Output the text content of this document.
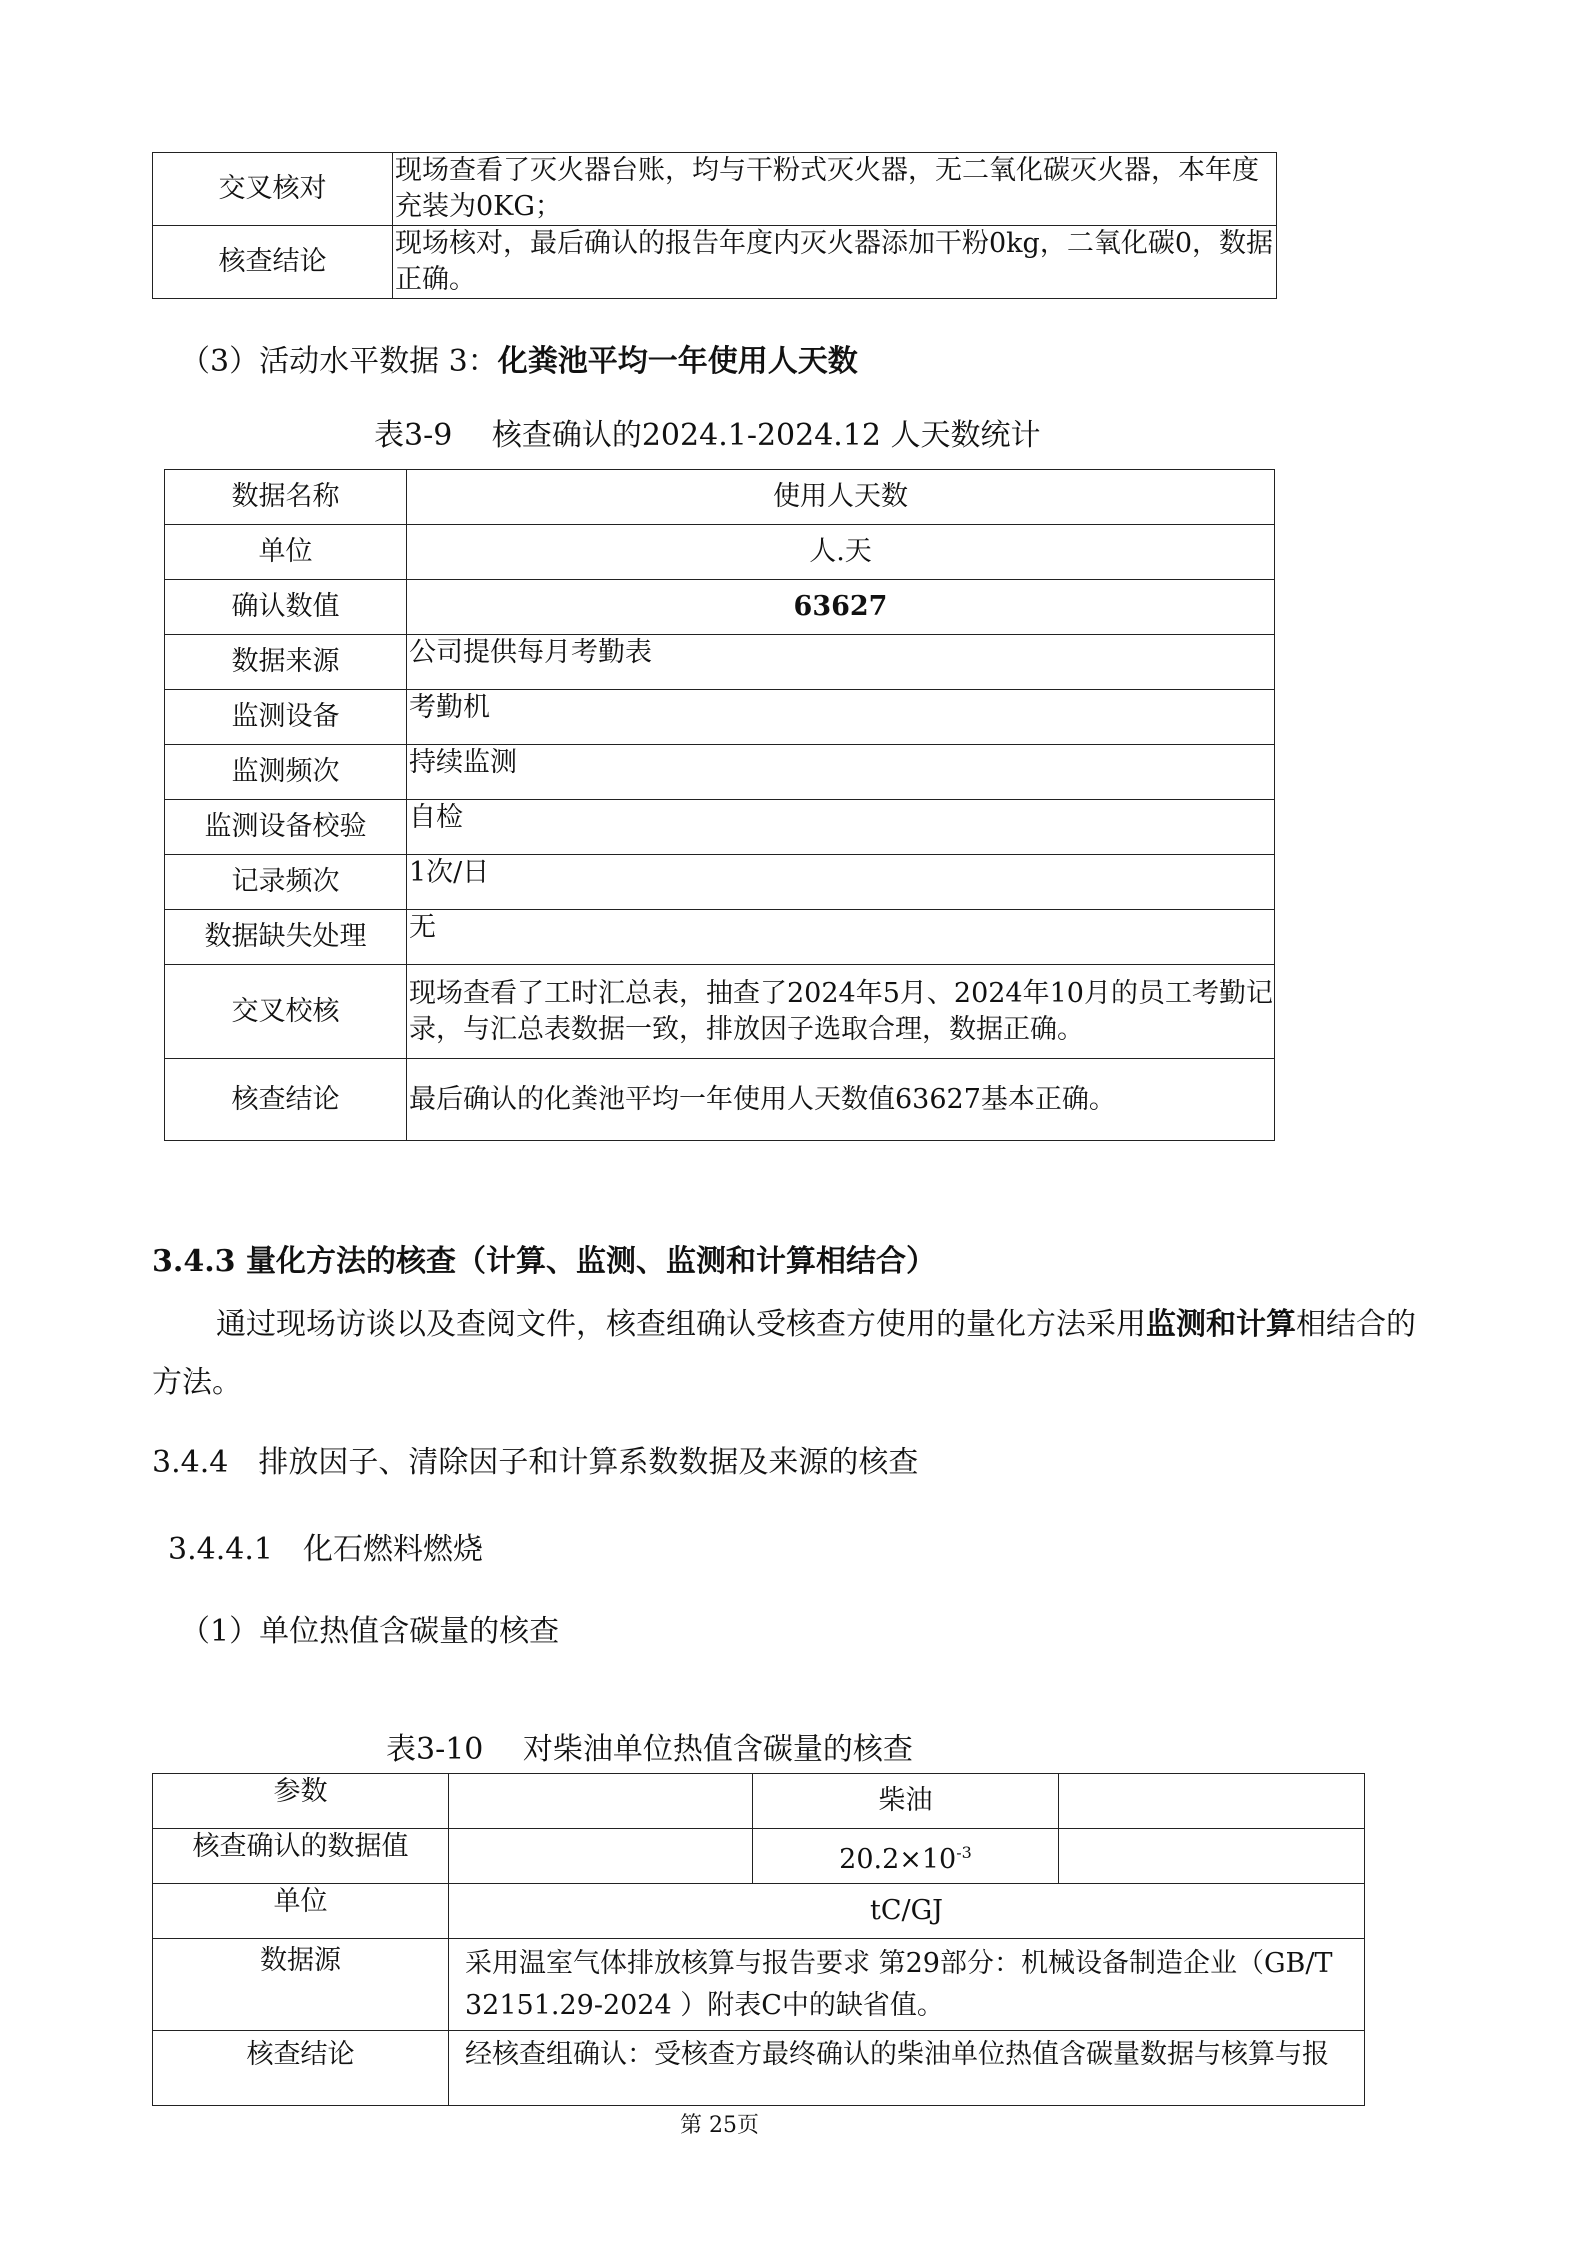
交叉核对	现场查看了灭火器台账，均与干粉式灭火器，无二氧化碳灭火器，本年度充装为0KG；
核查结论	现场核对，最后确认的报告年度内灭火器添加干粉0kg，二氧化碳0，数据正确。
（3）活动水平数据 3：化粪池平均一年使用人天数
表3-9　 核查确认的2024.1-2024.12 人天数统计
数据名称	使用人天数
单位	人.天
确认数值	63627
数据来源	公司提供每月考勤表
监测设备	考勤机
监测频次	持续监测
监测设备校验	自检
记录频次	1次/日
数据缺失处理	无
交叉校核	现场查看了工时汇总表，抽查了2024年5月、2024年10月的员工考勤记录，与汇总表数据一致，排放因子选取合理，数据正确。
核查结论	最后确认的化粪池平均一年使用人天数值63627基本正确。
3.4.3 量化方法的核查（计算、监测、监测和计算相结合）
通过现场访谈以及查阅文件，核查组确认受核查方使用的量化方法采用监测和计算相结合的方法。
3.4.4　排放因子、清除因子和计算系数数据及来源的核查
3.4.4.1　化石燃料燃烧
（1）单位热值含碳量的核查
表3-10　 对柴油单位热值含碳量的核查
参数		柴油	
核查确认的数据值		$20.2\times 10^{-3}$	
单位	tC/GJ		
数据源	采用温室气体排放核算与报告要求 第29部分：机械设备制造企业（GB/T 32151.29-2024 ）附表C中的缺省值。		
核查结论	经核查组确认：受核查方最终确认的柴油单位热值含碳量数据与核算与报		
第 25页
